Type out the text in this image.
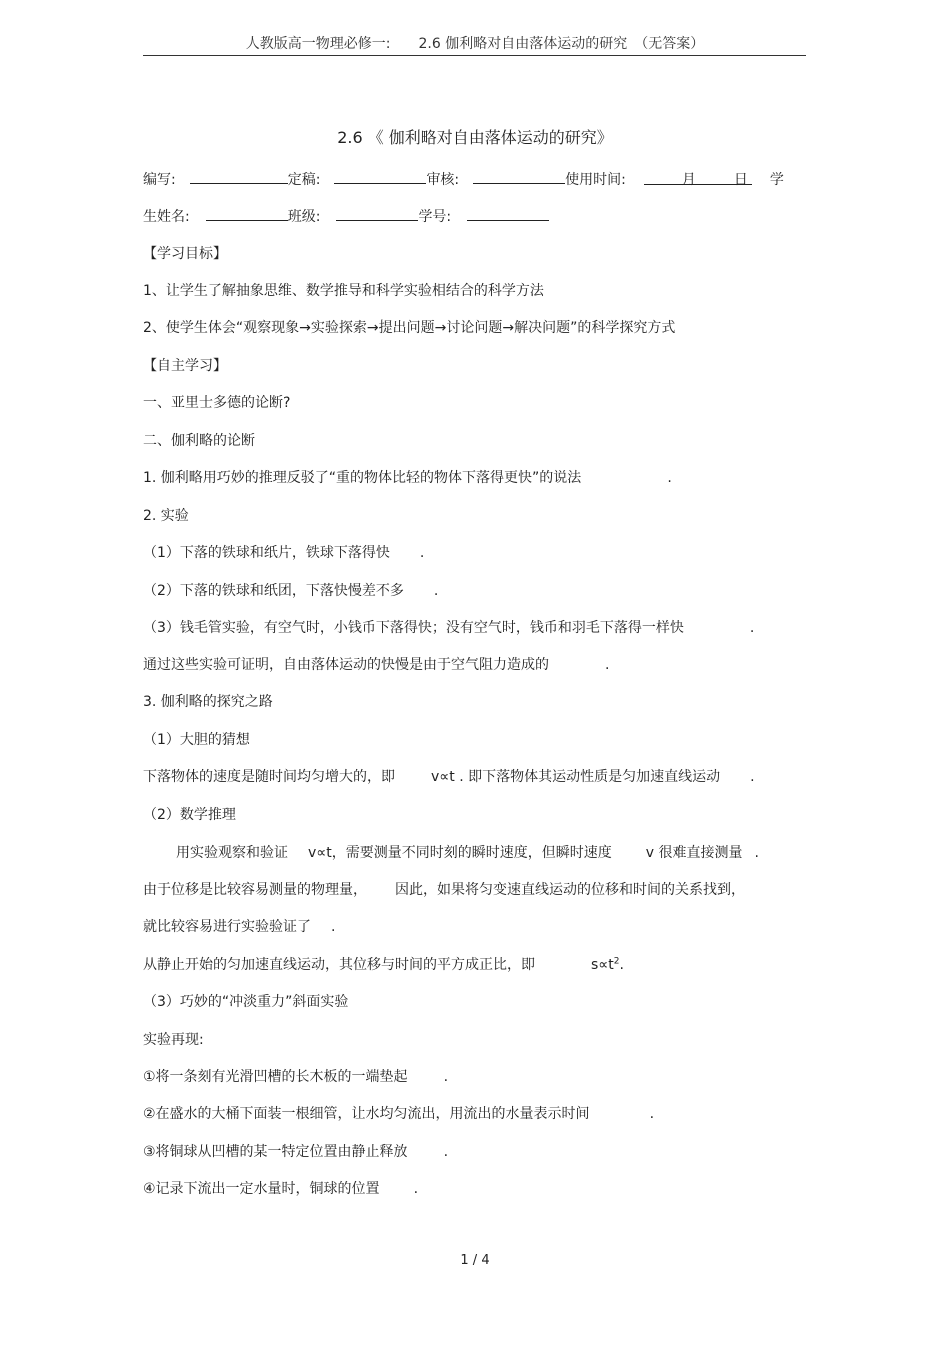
人教版高一物理必修一:　　2.6 伽利略对自由落体运动的研究　（无答案）
2.6 《 伽利略对自由落体运动的研究》
编写:	定稿:	审核:	使用时间:	月	日 学
生姓名:	班级:	学号:
【学习目标】
1、让学生了解抽象思维、数学推导和科学实验相结合的科学方法
2、使学生体会“观察现象→实验探索→提出问题→讨论问题→解决问题”的科学探究方式
【自主学习】
一、亚里士多德的论断?
二、伽利略的论断
1. 伽利略用巧妙的推理反驳了“重的物体比轻的物体下落得更快”的说法	.
2. 实验
（1）下落的铁球和纸片，铁球下落得快 .
（2）下落的铁球和纸团，下落快慢差不多 .
（3）钱毛管实验，有空气时，小钱币下落得快；没有空气时，钱币和羽毛下落得一样快	.
通过这些实验可证明，自由落体运动的快慢是由于空气阻力造成的	.
3. 伽利略的探究之路
（1）大胆的猜想
下落物体的速度是随时间均匀增大的，即	v∝t . 即下落物体其运动性质是匀加速直线运动 .
（2）数学推理
用实验观察和验证 v∝t，需要测量不同时刻的瞬时速度，但瞬时速度 v 很难直接测量 .
由于位移是比较容易测量的物理量， 因此，如果将匀变速直线运动的位移和时间的关系找到，
就比较容易进行实验验证了 .
从静止开始的匀加速直线运动，其位移与时间的平方成正比，即	$s\propto t^2$.
（3）巧妙的“冲淡重力”斜面实验
实验再现:
①将一条刻有光滑凹槽的长木板的一端垫起	.
②在盛水的大桶下面装一根细管，让水均匀流出，用流出的水量表示时间	.
③将铜球从凹槽的某一特定位置由静止释放	.
④记录下流出一定水量时，铜球的位置 .
1 / 4
